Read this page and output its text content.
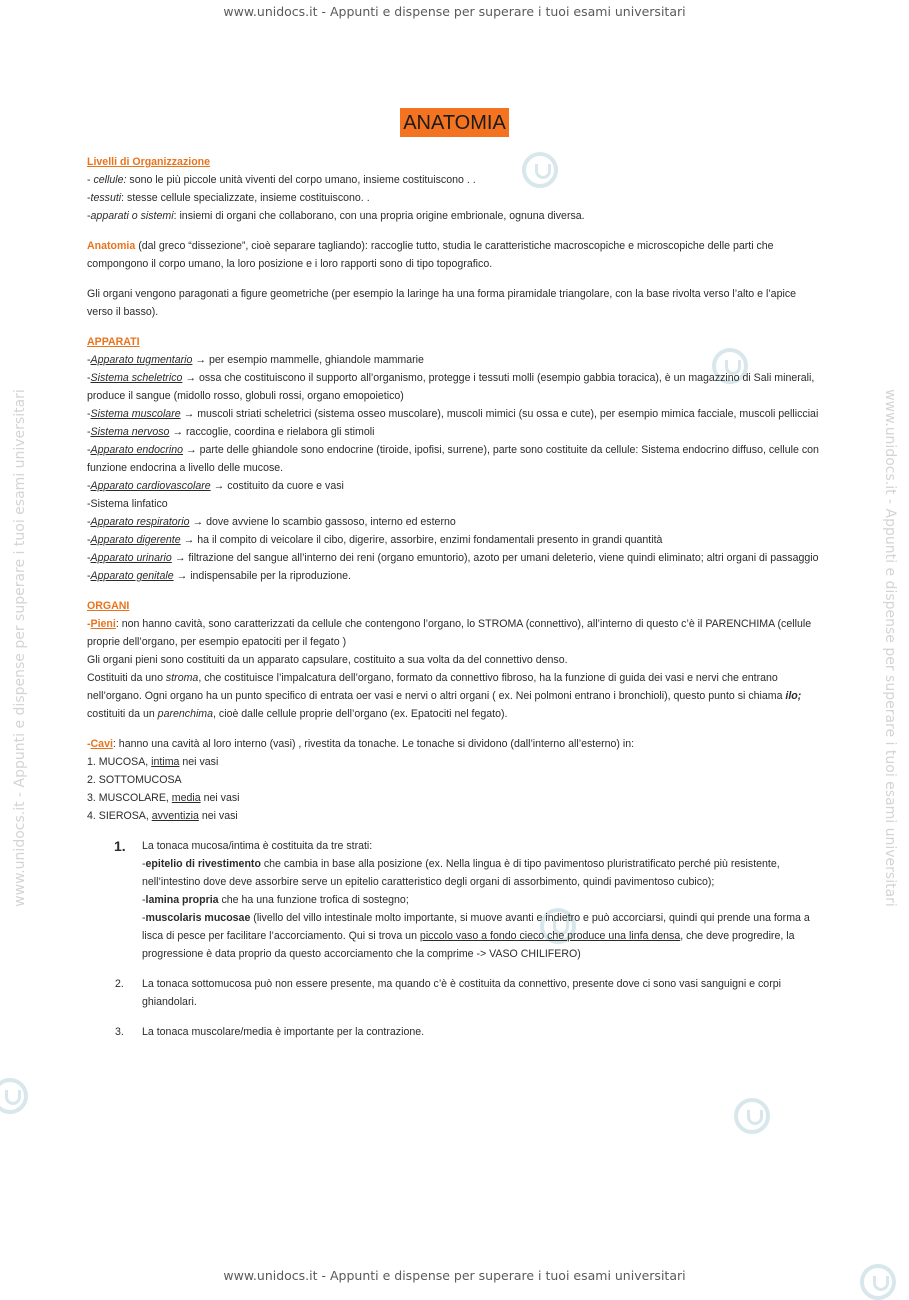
www.unidocs.it - Appunti e dispense per superare i tuoi esami universitari
www.unidocs.it - Appunti e dispense per superare i tuoi esami universitari
www.unidocs.it - Appunti e dispense per superare i tuoi esami universitari	www.unidocs.it - Appunti e dispense per superare i tuoi esami universitari
ANATOMIA

Livelli di Organizzazione

- cellule: sono le più piccole unità viventi del corpo umano, insieme costituiscono . .

-tessuti: stesse cellule specializzate, insieme costituiscono. .

-apparati o sistemi: insiemi di organi che collaborano, con una propria origine embrionale, ognuna diversa.

Anatomia (dal greco “dissezione”, cioè separare tagliando): raccoglie tutto, studia le caratteristiche macroscopiche e microscopiche delle parti che compongono il corpo umano, la loro posizione e i loro rapporti sono di tipo topografico.

Gli organi vengono paragonati a figure geometriche (per esempio la laringe ha una forma piramidale triangolare, con la base rivolta verso l’alto e l’apice verso il basso).

APPARATI

-Apparato tugmentario → per esempio mammelle, ghiandole mammarie

-Sistema scheletrico → ossa che costituiscono il supporto all’organismo, protegge i tessuti molli (esempio gabbia toracica), è un magazzino di Sali minerali, produce il sangue (midollo rosso, globuli rossi, organo emopoietico)

-Sistema muscolare → muscoli striati scheletrici (sistema osseo muscolare), muscoli mimici (su ossa e cute), per esempio mimica facciale, muscoli pellicciai

-Sistema nervoso → raccoglie, coordina e rielabora gli stimoli

-Apparato endocrino → parte delle ghiandole sono endocrine (tiroide, ipofisi, surrene), parte sono costituite da cellule: Sistema endocrino diffuso, cellule con funzione endocrina a livello delle mucose.

-Apparato cardiovascolare → costituito da cuore e vasi

-Sistema linfatico

-Apparato respiratorio → dove avviene lo scambio gassoso, interno ed esterno

-Apparato digerente → ha il compito di veicolare il cibo, digerire, assorbire, enzimi fondamentali presento in grandi quantità

-Apparato urinario → filtrazione del sangue all’interno dei reni (organo emuntorio), azoto per umani deleterio, viene quindi eliminato; altri organi di passaggio

-Apparato genitale → indispensabile per la riproduzione.

ORGANI

-Pieni: non hanno cavità, sono caratterizzati da cellule che contengono l’organo, lo STROMA (connettivo), all’interno di questo c’è il PARENCHIMA (cellule proprie dell’organo, per esempio epatociti per il fegato )

Gli organi pieni sono costituiti da un apparato capsulare, costituito a sua volta da del connettivo denso.

Costituiti da uno stroma, che costituisce l’impalcatura dell’organo, formato da connettivo fibroso, ha la funzione di guida dei vasi e nervi che entrano nell’organo. Ogni organo ha un punto specifico di entrata oer vasi e nervi o altri organi ( ex. Nei polmoni entrano i bronchioli), questo punto si chiama ilo; costituiti da un parenchima, cioè dalle cellule proprie dell’organo (ex. Epatociti nel fegato).

-Cavi: hanno una cavità al loro interno (vasi) , rivestita da tonache. Le tonache si dividono (dall’interno all’esterno) in:

1. MUCOSA, intima nei vasi

2. SOTTOMUCOSA

3. MUSCOLARE, media nei vasi

4. SIEROSA, avventizia nei vasi

1. La tonaca mucosa/intima è costituita da tre strati:

-epitelio di rivestimento che cambia in base alla posizione (ex. Nella lingua è di tipo pavimentoso pluristratificato perché più resistente, nell’intestino dove deve assorbire serve un epitelio caratteristico degli organi di assorbimento, quindi pavimentoso cubico);

-lamina propria che ha una funzione trofica di sostegno;

-muscolaris mucosae (livello del villo intestinale molto importante, si muove avanti e indietro e può accorciarsi, quindi qui prende una forma a lisca di pesce per facilitare l’accorciamento. Qui si trova un piccolo vaso a fondo cieco che produce una linfa densa, che deve progredire, la progressione è data proprio da questo accorciamento che la comprime -> VASO CHILIFERO)

2. La tonaca sottomucosa può non essere presente, ma quando c’è è costituita da connettivo, presente dove ci sono vasi sanguigni e corpi ghiandolari.

3. La tonaca muscolare/media è importante per la contrazione.
